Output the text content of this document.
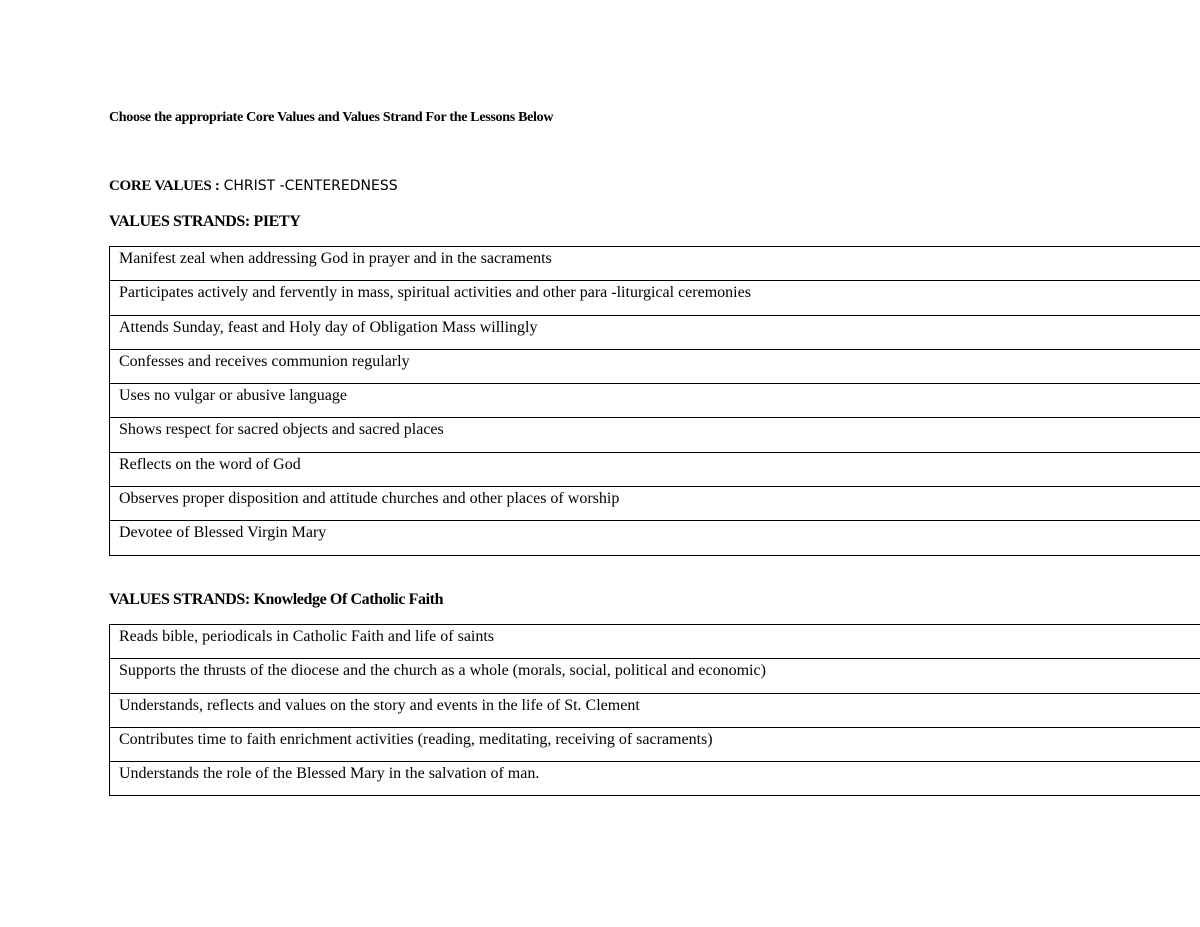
Choose the appropriate Core Values and Values Strand For the Lessons Below
CORE VALUES : CHRIST -CENTEREDNESS
VALUES STRANDS: PIETY
Manifest zeal when addressing God in prayer and in the sacraments
Participates actively and fervently in mass, spiritual activities and other para -liturgical ceremonies
Attends Sunday, feast and Holy day of Obligation Mass willingly
Confesses and receives communion regularly
Uses no vulgar or abusive language
Shows respect for sacred objects and sacred places
Reflects on the word of God
Observes proper disposition and attitude churches and other places of worship
Devotee of Blessed Virgin Mary
VALUES STRANDS: Knowledge Of Catholic Faith
Reads bible, periodicals in Catholic Faith and life of saints
Supports the thrusts of the diocese and the church as a whole (morals, social, political and economic)
Understands, reflects and values on the story and events in the life of St. Clement
Contributes time to faith enrichment activities (reading, meditating, receiving of sacraments)
Understands the role of the Blessed Mary in the salvation of man.
